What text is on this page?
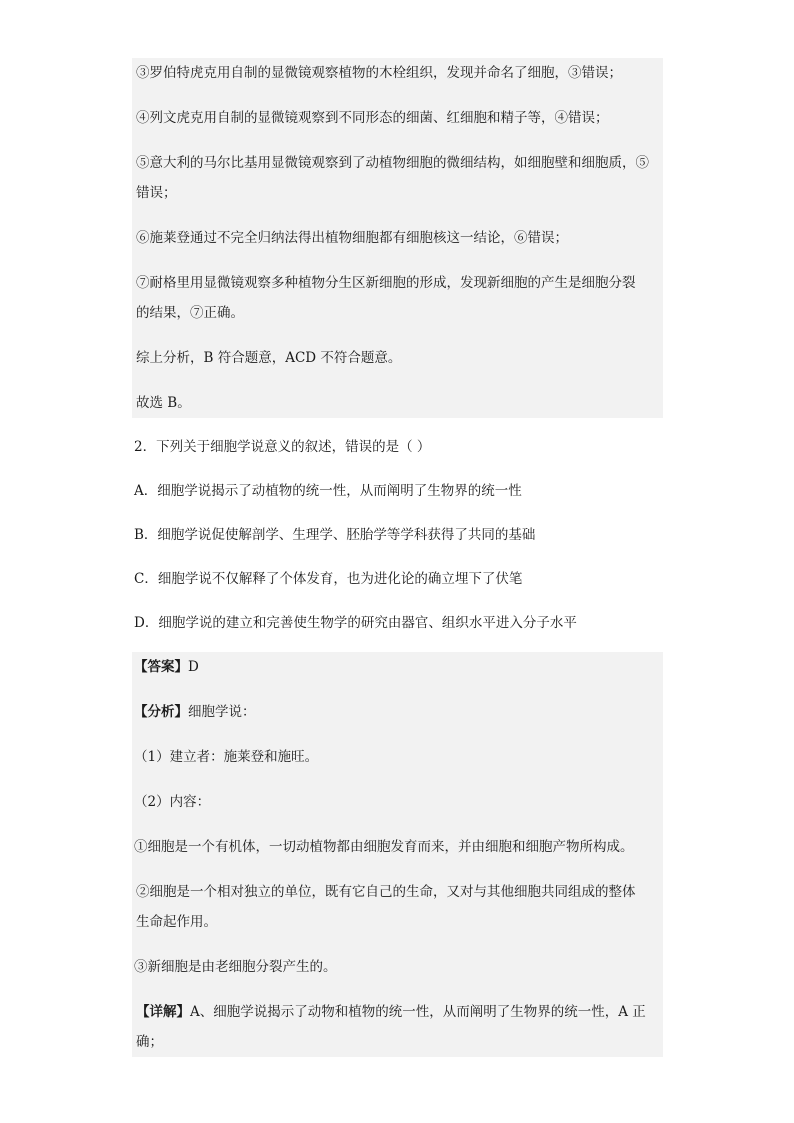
③罗伯特虎克用自制的显微镜观察植物的木栓组织，发现并命名了细胞，③错误；
④列文虎克用自制的显微镜观察到不同形态的细菌、红细胞和精子等，④错误；
⑤意大利的马尔比基用显微镜观察到了动植物细胞的微细结构，如细胞壁和细胞质，⑤
错误；
⑥施莱登通过不完全归纳法得出植物细胞都有细胞核这一结论，⑥错误；
⑦耐格里用显微镜观察多种植物分生区新细胞的形成，发现新细胞的产生是细胞分裂
的结果，⑦正确。
综上分析，B 符合题意，ACD 不符合题意。
故选 B。
2．下列关于细胞学说意义的叙述，错误的是（ ）
A．细胞学说揭示了动植物的统一性，从而阐明了生物界的统一性
B．细胞学说促使解剖学、生理学、胚胎学等学科获得了共同的基础
C．细胞学说不仅解释了个体发育，也为进化论的确立埋下了伏笔
D．细胞学说的建立和完善使生物学的研究由器官、组织水平进入分子水平
【答案】D
【分析】细胞学说：
（1）建立者：施莱登和施旺。
（2）内容：
①细胞是一个有机体，一切动植物都由细胞发育而来，并由细胞和细胞产物所构成。
②细胞是一个相对独立的单位，既有它自己的生命，又对与其他细胞共同组成的整体
生命起作用。
③新细胞是由老细胞分裂产生的。
【详解】A、细胞学说揭示了动物和植物的统一性，从而阐明了生物界的统一性，A 正
确；
